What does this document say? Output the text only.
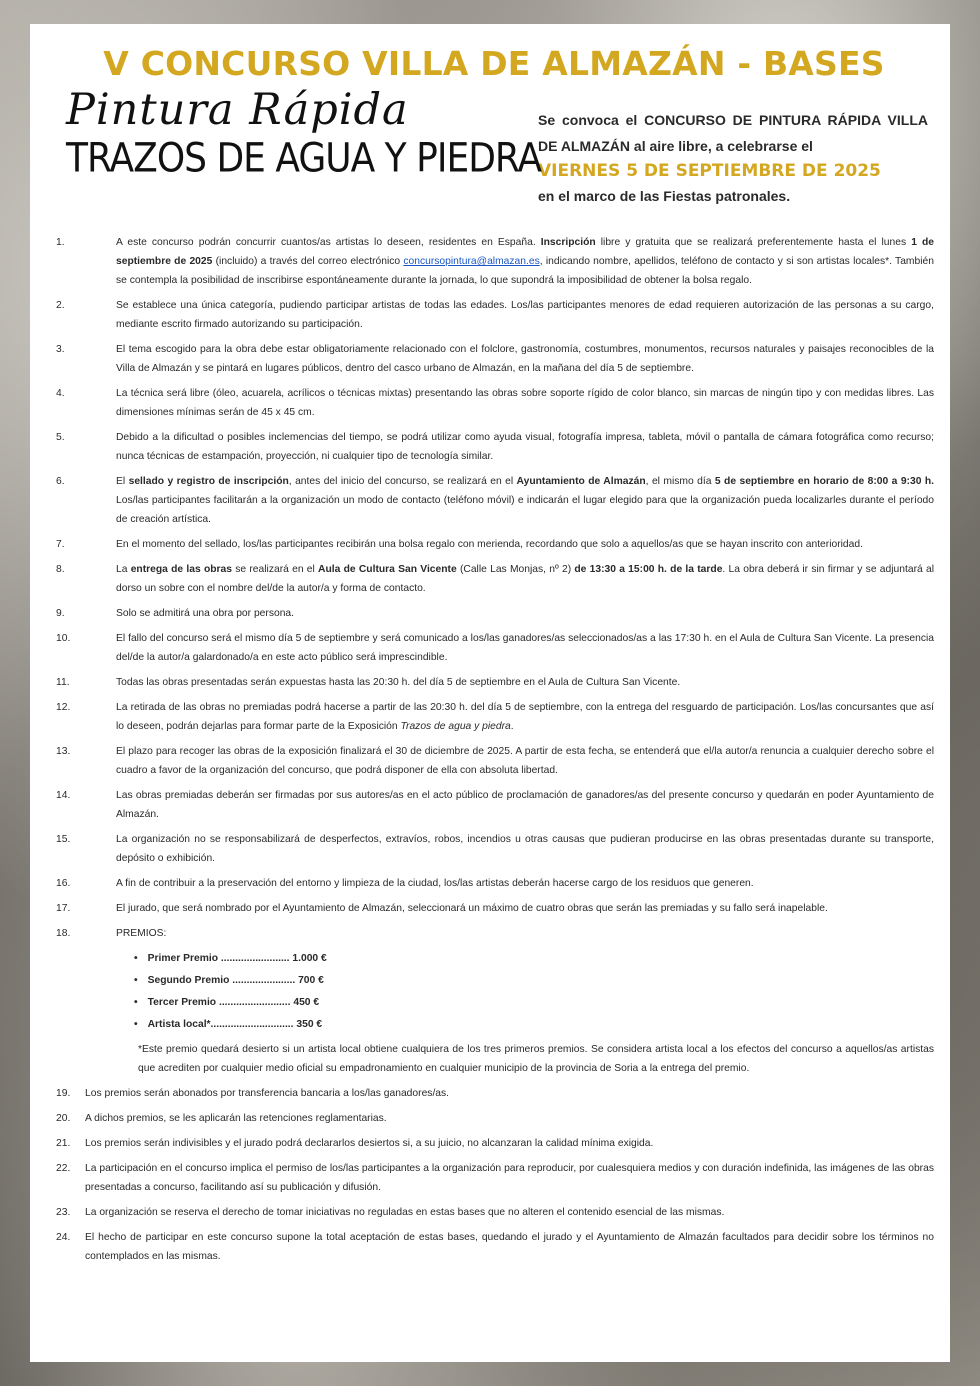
V CONCURSO VILLA DE ALMAZÁN - BASES
Pintura Rápida
TRAZOS DE AGUA Y PIEDRA
Se convoca el CONCURSO DE PINTURA RÁPIDA VILLA DE ALMAZÁN al aire libre, a celebrarse el
VIERNES 5 DE SEPTIEMBRE DE 2025
en el marco de las Fiestas patronales.
1.	A este concurso podrán concurrir cuantos/as artistas lo deseen, residentes en España. Inscripción libre y gratuita que se realizará preferentemente hasta el lunes 1 de septiembre de 2025 (incluido) a través del correo electrónico concursopintura@almazan.es, indicando nombre, apellidos, teléfono de contacto y si son artistas locales*. También se contempla la posibilidad de inscribirse espontáneamente durante la jornada, lo que supondrá la imposibilidad de obtener la bolsa regalo.
2.	Se establece una única categoría, pudiendo participar artistas de todas las edades. Los/las participantes menores de edad requieren autorización de las personas a su cargo, mediante escrito firmado autorizando su participación.
3.	El tema escogido para la obra debe estar obligatoriamente relacionado con el folclore, gastronomía, costumbres, monumentos, recursos naturales y paisajes reconocibles de la Villa de Almazán y se pintará en lugares públicos, dentro del casco urbano de Almazán, en la mañana del día 5 de septiembre.
4.	La técnica será libre (óleo, acuarela, acrílicos o técnicas mixtas) presentando las obras sobre soporte rígido de color blanco, sin marcas de ningún tipo y con medidas libres. Las dimensiones mínimas serán de 45 x 45 cm.
5.	Debido a la dificultad o posibles inclemencias del tiempo, se podrá utilizar como ayuda visual, fotografía impresa, tableta, móvil o pantalla de cámara fotográfica como recurso; nunca técnicas de estampación, proyección, ni cualquier tipo de tecnología similar.
6.	El sellado y registro de inscripción, antes del inicio del concurso, se realizará en el Ayuntamiento de Almazán, el mismo día 5 de septiembre en horario de 8:00 a 9:30 h. Los/las participantes facilitarán a la organización un modo de contacto (teléfono móvil) e indicarán el lugar elegido para que la organización pueda localizarles durante el período de creación artística.
7.	En el momento del sellado, los/las participantes recibirán una bolsa regalo con merienda, recordando que solo a aquellos/as que se hayan inscrito con anterioridad.
8.	La entrega de las obras se realizará en el Aula de Cultura San Vicente (Calle Las Monjas, nº 2) de 13:30 a 15:00 h. de la tarde. La obra deberá ir sin firmar y se adjuntará al dorso un sobre con el nombre del/de la autor/a y forma de contacto.
9.	Solo se admitirá una obra por persona.
10.	El fallo del concurso será el mismo día 5 de septiembre y será comunicado a los/las ganadores/as seleccionados/as a las 17:30 h. en el Aula de Cultura San Vicente. La presencia del/de la autor/a galardonado/a en este acto público será imprescindible.
11.	Todas las obras presentadas serán expuestas hasta las 20:30 h. del día 5 de septiembre en el Aula de Cultura San Vicente.
12.	La retirada de las obras no premiadas podrá hacerse a partir de las 20:30 h. del día 5 de septiembre, con la entrega del resguardo de participación. Los/las concursantes que así lo deseen, podrán dejarlas para formar parte de la Exposición Trazos de agua y piedra.
13.	El plazo para recoger las obras de la exposición finalizará el 30 de diciembre de 2025. A partir de esta fecha, se entenderá que el/la autor/a renuncia a cualquier derecho sobre el cuadro a favor de la organización del concurso, que podrá disponer de ella con absoluta libertad.
14.	Las obras premiadas deberán ser firmadas por sus autores/as en el acto público de proclamación de ganadores/as del presente concurso y quedarán en poder Ayuntamiento de Almazán.
15.	La organización no se responsabilizará de desperfectos, extravíos, robos, incendios u otras causas que pudieran producirse en las obras presentadas durante su transporte, depósito o exhibición.
16.	A fin de contribuir a la preservación del entorno y limpieza de la ciudad, los/las artistas deberán hacerse cargo de los residuos que generen.
17.	El jurado, que será nombrado por el Ayuntamiento de Almazán, seleccionará un máximo de cuatro obras que serán las premiadas y su fallo será inapelable.
18.	PREMIOS:
• Primer Premio ........................ 1.000 €
• Segundo Premio ...................... 700 €
• Tercer Premio ......................... 450 €
• Artista local*............................. 350 €
*Este premio quedará desierto si un artista local obtiene cualquiera de los tres primeros premios. Se considera artista local a los efectos del concurso a aquellos/as artistas que acrediten por cualquier medio oficial su empadronamiento en cualquier municipio de la provincia de Soria a la entrega del premio.
19.	Los premios serán abonados por transferencia bancaria a los/las ganadores/as.
20.	A dichos premios, se les aplicarán las retenciones reglamentarias.
21.	Los premios serán indivisibles y el jurado podrá declararlos desiertos si, a su juicio, no alcanzaran la calidad mínima exigida.
22.	La participación en el concurso implica el permiso de los/las participantes a la organización para reproducir, por cualesquiera medios y con duración indefinida, las imágenes de las obras presentadas a concurso, facilitando así su publicación y difusión.
23.	La organización se reserva el derecho de tomar iniciativas no reguladas en estas bases que no alteren el contenido esencial de las mismas.
24.	El hecho de participar en este concurso supone la total aceptación de estas bases, quedando el jurado y el Ayuntamiento de Almazán facultados para decidir sobre los términos no contemplados en las mismas.
